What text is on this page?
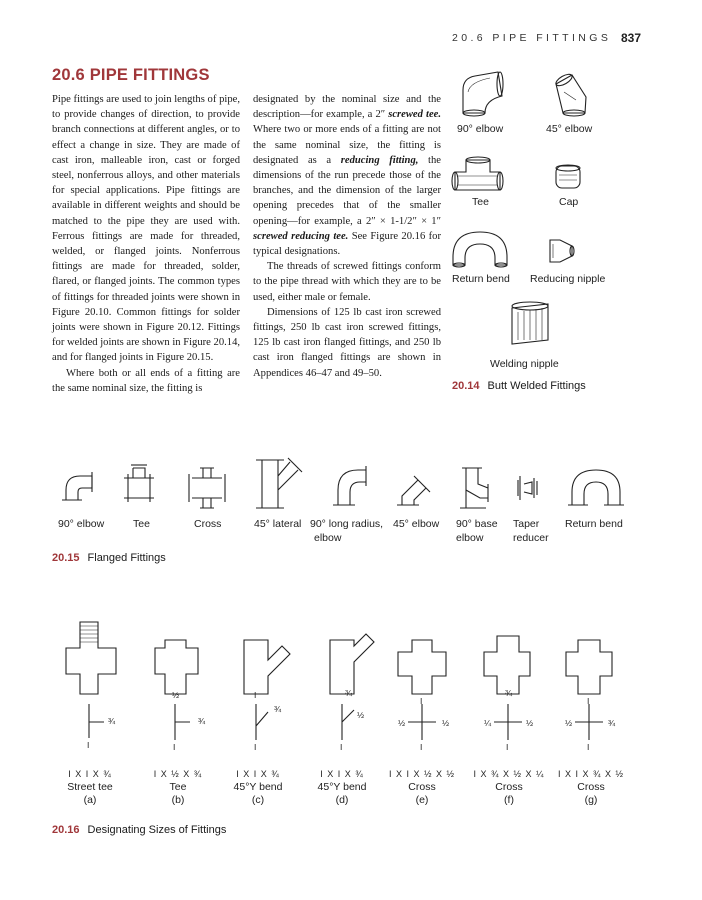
20.6 PIPE FITTINGS 837
20.6 PIPE FITTINGS

Pipe fittings are used to join lengths of pipe, to provide changes of direction, to provide branch connections at different angles, or to effect a change in size. They are made of cast iron, malleable iron, cast or forged steel, nonferrous alloys, and other materials for special applications. Pipe fittings are available in different weights and should be matched to the pipe they are used with. Ferrous fittings are made for threaded, welded, or flanged joints. Nonferrous fittings are made for threaded, solder, flared, or flanged joints. The common types of fittings for threaded joints were shown in Figure 20.10. Common fittings for solder joints were shown in Figure 20.12. Fittings for welded joints are shown in Figure 20.14, and for flanged joints in Figure 20.15.

Where both or all ends of a fitting are the same nominal size, the fitting is

designated by the nominal size and the description—for example, a 2″ screwed tee. Where two or more ends of a fitting are not the same nominal size, the fitting is designated as a reducing fitting, the dimensions of the run precede those of the branches, and the dimension of the larger opening precedes that of the smaller opening—for example, a 2″ × 1-1/2″ × 1″ screwed reducing tee. See Figure 20.16 for typical designations.

The threads of screwed fittings conform to the pipe thread with which they are to be used, either male or female.

Dimensions of 125 lb cast iron screwed fittings, 250 lb cast iron screwed fittings, 125 lb cast iron flanged fittings, and 250 lb cast iron flanged fittings are shown in Appendices 46–47 and 49–50.

90° elbow	45° elbow
Tee	Cap
Return bend Reducing nipple
Welding nipple
20.14 Butt Welded Fittings
90° elbow	Tee	Cross	45° lateral 90° long radius,
elbow
45° elbow 90° base
elbow
Taper
reducer
Return bend
20.15 Flanged Fittings
I
¾
½
¾
I
I
¾
I
¾
½
I
½
I
½
I
¾
¼	½
I
½
I
¾
I
I X I X ¾
Street tee
(a)
I X ½ X ¾
Tee
(b)
I X I X ¾
45°Y bend
(c)
I X I X ¾
45°Y bend
(d)
I X I X ½ X ½
Cross
(e)
I X ¾ X ½ X ¼
Cross
(f)
I X I X ¾ X ½
Cross
(g)
20.16 Designating Sizes of Fittings
